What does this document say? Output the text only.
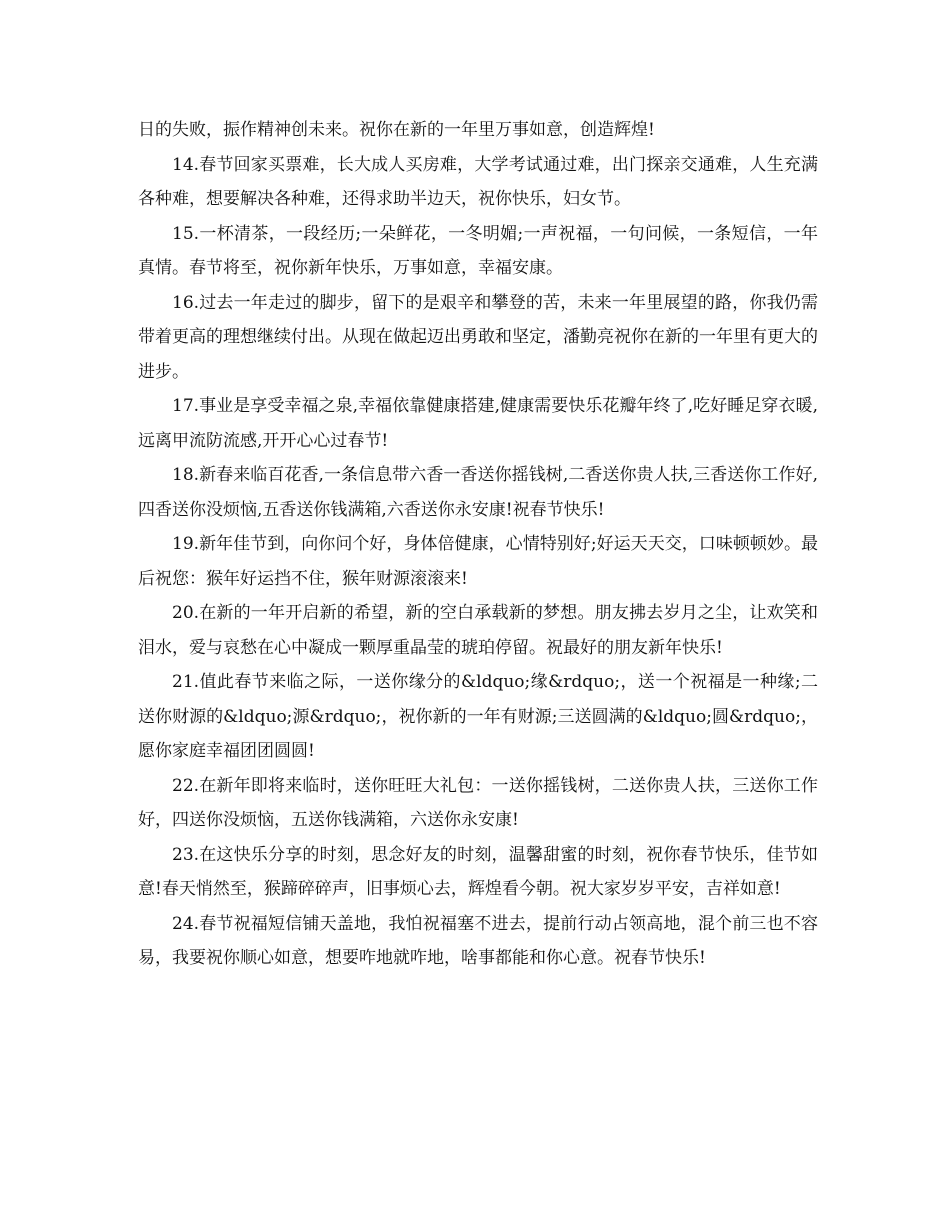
日的失败，振作精神创未来。祝你在新的一年里万事如意，创造辉煌!

14.春节回家买票难，长大成人买房难，大学考试通过难，出门探亲交通难，人生充满各种难，想要解决各种难，还得求助半边天，祝你快乐，妇女节。

15.一杯清茶，一段经历;一朵鲜花，一冬明媚;一声祝福，一句问候，一条短信，一年真情。春节将至，祝你新年快乐，万事如意，幸福安康。

16.过去一年走过的脚步，留下的是艰辛和攀登的苦，未来一年里展望的路，你我仍需带着更高的理想继续付出。从现在做起迈出勇敢和坚定，潘勤亮祝你在新的一年里有更大的进步。

17.事业是享受幸福之泉,幸福依靠健康搭建,健康需要快乐花瓣年终了,吃好睡足穿衣暖,远离甲流防流感,开开心心过春节!

18.新春来临百花香,一条信息带六香一香送你摇钱树,二香送你贵人扶,三香送你工作好,四香送你没烦恼,五香送你钱满箱,六香送你永安康!祝春节快乐!

19.新年佳节到，向你问个好，身体倍健康，心情特别好;好运天天交，口味顿顿妙。最后祝您：猴年好运挡不住，猴年财源滚滚来!

20.在新的一年开启新的希望，新的空白承载新的梦想。朋友拂去岁月之尘，让欢笑和泪水，爱与哀愁在心中凝成一颗厚重晶莹的琥珀停留。祝最好的朋友新年快乐!

21.值此春节来临之际，一送你缘分的&ldquo;缘&rdquo;，送一个祝福是一种缘;二送你财源的&ldquo;源&rdquo;，祝你新的一年有财源;三送圆满的&ldquo;圆&rdquo;，愿你家庭幸福团团圆圆!

22.在新年即将来临时，送你旺旺大礼包：一送你摇钱树，二送你贵人扶，三送你工作好，四送你没烦恼，五送你钱满箱，六送你永安康!

23.在这快乐分享的时刻，思念好友的时刻，温馨甜蜜的时刻，祝你春节快乐，佳节如意!春天悄然至，猴蹄碎碎声，旧事烦心去，辉煌看今朝。祝大家岁岁平安，吉祥如意!

24.春节祝福短信铺天盖地，我怕祝福塞不进去，提前行动占领高地，混个前三也不容易，我要祝你顺心如意，想要咋地就咋地，啥事都能和你心意。祝春节快乐!
